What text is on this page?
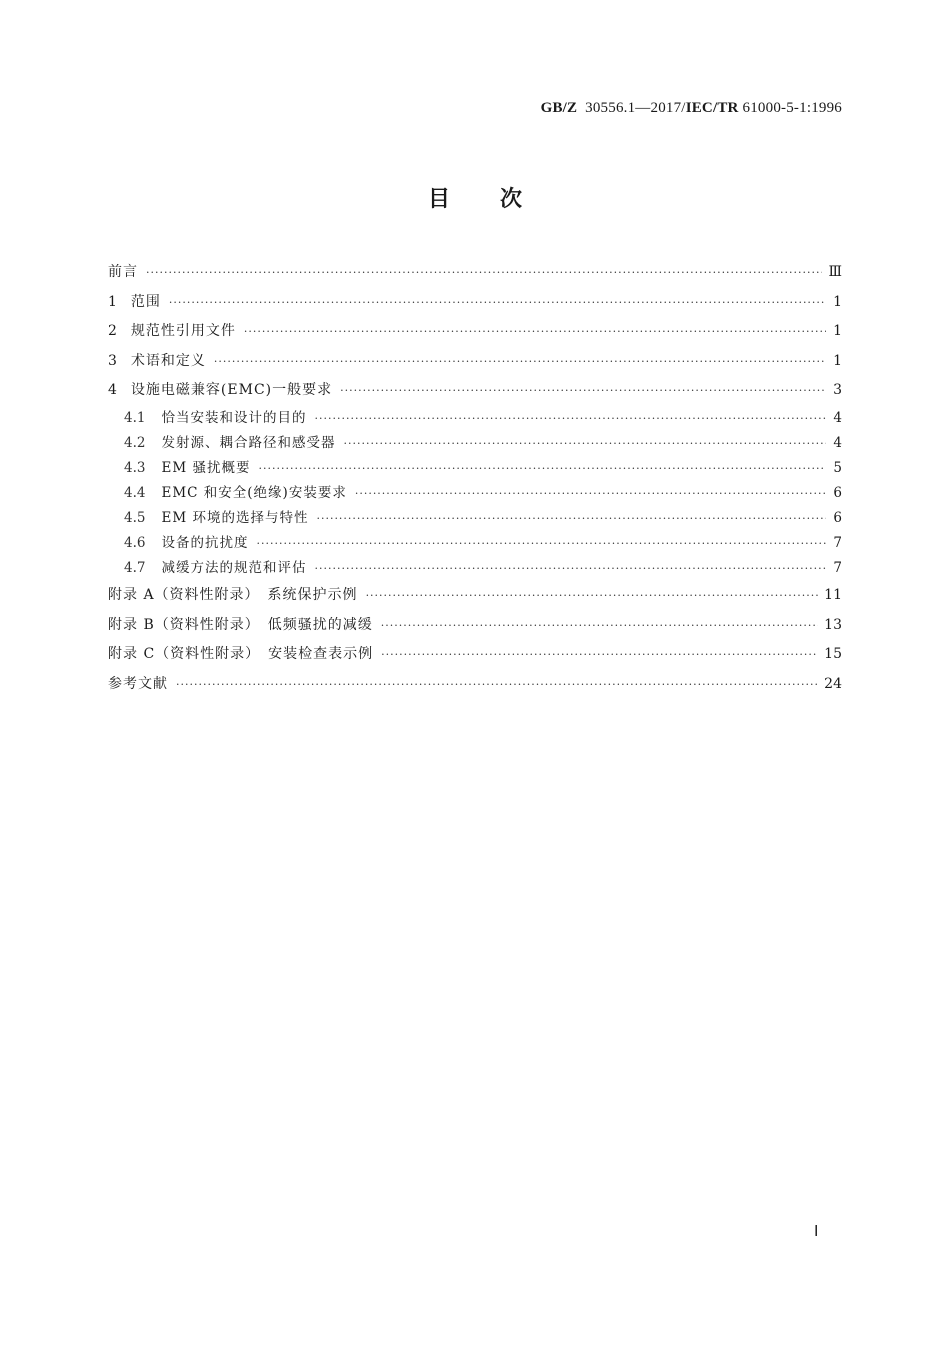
GB/Z 30556.1—2017/IEC/TR 61000-5-1:1996
目次
前言 ·····	Ⅲ
1 范围 ·····	1
2 规范性引用文件 ·····	1
3 术语和定义 ·····	1
4 设施电磁兼容(EMC)一般要求 ·····	3
4.1 恰当安装和设计的目的 ·····	4
4.2 发射源、耦合路径和感受器 ·····	4
4.3 EM 骚扰概要 ·····	5
4.4 EMC 和安全(绝缘)安装要求 ·····	6
4.5 EM 环境的选择与特性 ·····	6
4.6 设备的抗扰度 ·····	7
4.7 减缓方法的规范和评估 ·····	7
附录 A（资料性附录）　系统保护示例 ·····	11
附录 B（资料性附录）　低频骚扰的减缓 ·····	13
附录 C（资料性附录）　安装检查表示例 ·····	15
参考文献 ·····	24
Ⅰ
